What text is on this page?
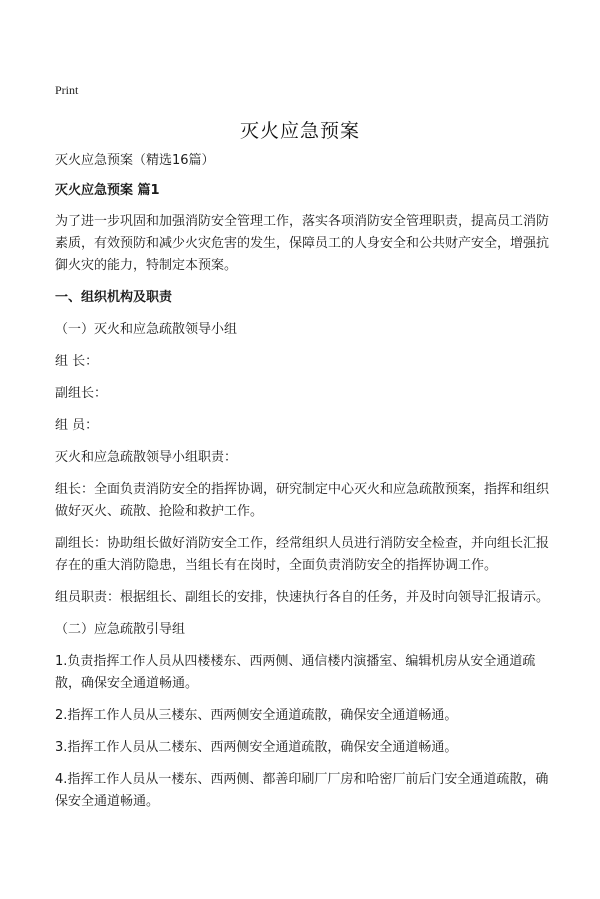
Print
灭火应急预案

灭火应急预案（精选16篇）

灭火应急预案 篇1

为了进一步巩固和加强消防安全管理工作，落实各项消防安全管理职责，提高员工消防素质，有效预防和减少火灾危害的发生，保障员工的人身安全和公共财产安全，增强抗御火灾的能力，特制定本预案。

一、组织机构及职责

（一）灭火和应急疏散领导小组

组 长：

副组长：

组 员：

灭火和应急疏散领导小组职责：

组长：全面负责消防安全的指挥协调，研究制定中心灭火和应急疏散预案，指挥和组织做好灭火、疏散、抢险和救护工作。

副组长：协助组长做好消防安全工作，经常组织人员进行消防安全检查，并向组长汇报存在的重大消防隐患，当组长有在岗时，全面负责消防安全的指挥协调工作。

组员职责：根据组长、副组长的安排，快速执行各自的任务，并及时向领导汇报请示。

（二）应急疏散引导组

1.负责指挥工作人员从四楼楼东、西两侧、通信楼内演播室、编辑机房从安全通道疏散，确保安全通道畅通。

2.指挥工作人员从三楼东、西两侧安全通道疏散，确保安全通道畅通。

3.指挥工作人员从二楼东、西两侧安全通道疏散，确保安全通道畅通。

4.指挥工作人员从一楼东、西两侧、都善印刷厂厂房和哈密厂前后门安全通道疏散，确保安全通道畅通。
